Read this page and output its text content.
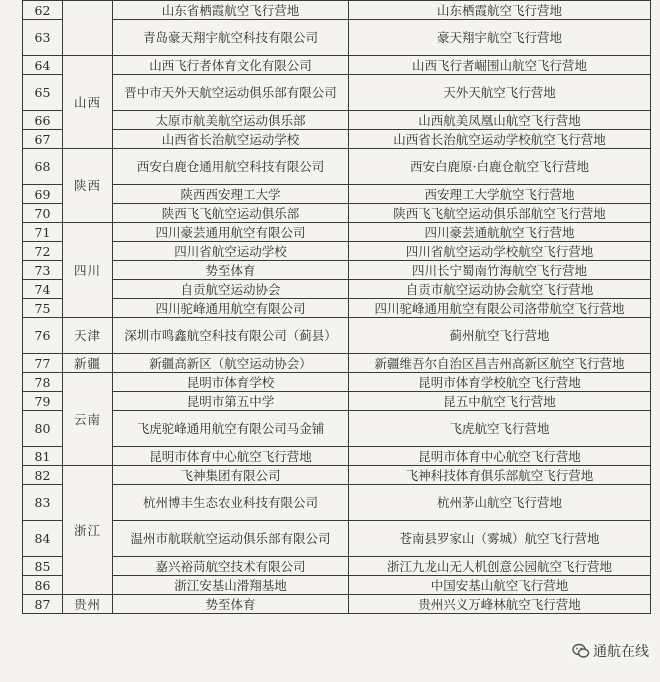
62		山东省栖霞航空飞行营地	山东栖霞航空飞行营地
63		青岛豪天翔宇航空科技有限公司	豪天翔宇航空飞行营地
64	山西	山西飞行者体育文化有限公司	山西飞行者崛围山航空飞行营地
65		晋中市天外天航空运动俱乐部有限公司	天外天航空飞行营地
66		太原市航美航空运动俱乐部	山西航美凤凰山航空飞行营地
67		山西省长治航空运动学校	山西省长治航空运动学校航空飞行营地
68	陕西	西安白鹿仓通用航空科技有限公司	西安白鹿原·白鹿仓航空飞行营地
69		陕西西安理工大学	西安理工大学航空飞行营地
70		陕西飞飞航空运动俱乐部	陕西飞飞航空运动俱乐部航空飞行营地
71	四川	四川豪芸通用航空有限公司	四川豪芸通航航空飞行营地
72		四川省航空运动学校	四川省航空运动学校航空飞行营地
73		势至体育	四川长宁蜀南竹海航空飞行营地
74		自贡航空运动协会	自贡市航空运动协会航空飞行营地
75		四川驼峰通用航空有限公司	四川驼峰通用航空有限公司洛带航空飞行营地
76	天津	深圳市鸣鑫航空科技有限公司（蓟县）	蓟州航空飞行营地
77	新疆	新疆高新区（航空运动协会）	新疆维吾尔自治区昌吉州高新区航空飞行营地
78	云南	昆明市体育学校	昆明市体育学校航空飞行营地
79		昆明市第五中学	昆五中航空飞行营地
80		飞虎驼峰通用航空有限公司马金铺	飞虎航空飞行营地
81		昆明市体育中心航空飞行营地	昆明市体育中心航空飞行营地
82	浙江	飞神集团有限公司	飞神科技体育俱乐部航空飞行营地
83		杭州博丰生态农业科技有限公司	杭州茅山航空飞行营地
84		温州市航联航空运动俱乐部有限公司	苍南县罗家山（雾城）航空飞行营地
85		嘉兴裕苘航空技术有限公司	浙江九龙山无人机创意公园航空飞行营地
86		浙江安基山滑翔基地	中国安基山航空飞行营地
87	贵州	势至体育	贵州兴义万峰林航空飞行营地
通航在线
